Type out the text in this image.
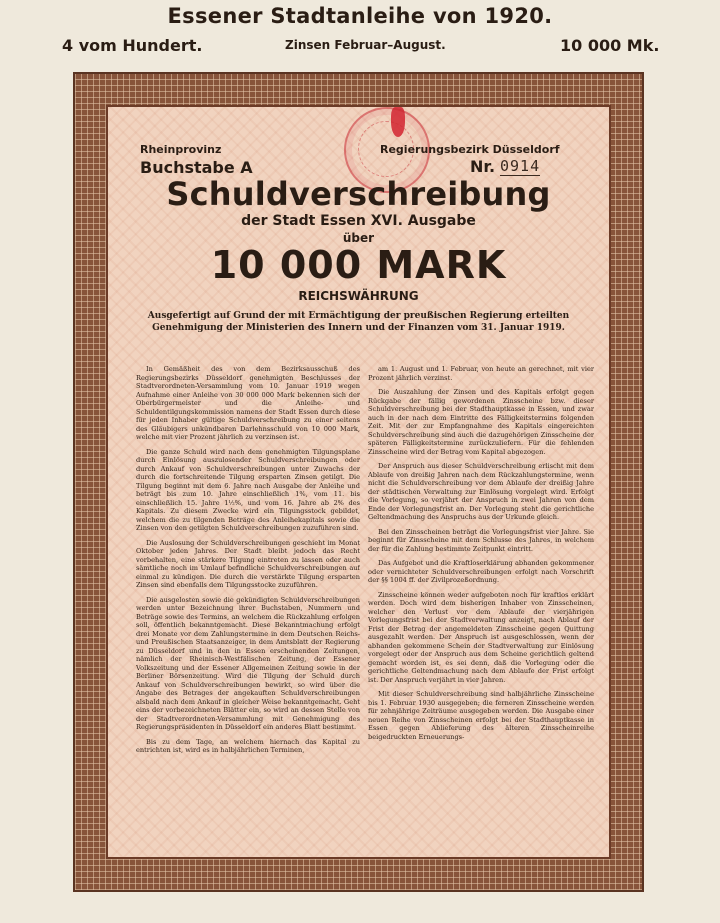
Essener Stadtanleihe von 1920.
4 vom Hundert.	Zinsen Februar–August.	10 000 Mk.
Rheinprovinz	Regierungsbezirk Düsseldorf
Buchstabe A	Nr. 0914
Schuldverschreibung
der Stadt Essen XVI. Ausgabe
über
10 000 MARK
REICHSWÄHRUNG
Ausgefertigt auf Grund der mit Ermächtigung der preußischen Regierung erteilten
Genehmigung der Ministerien des Innern und der Finanzen vom 31. Januar 1919.

In Gemäßheit des von dem Bezirksausschuß des Regierungsbezirks Düsseldorf genehmigten Beschlusses der Stadtverordneten-Versammlung vom 10. Januar 1919 wegen Aufnahme einer Anleihe von 30 000 000 Mark bekennen sich der Oberbürgermeister und die Anleihe- und Schuldentilgungskommission namens der Stadt Essen durch diese für jeden Inhaber gültige Schuldverschreibung zu einer seitens des Gläubigers unkündbaren Darlehnsschuld von 10 000 Mark, welche mit vier Prozent jährlich zu verzinsen ist.

Die ganze Schuld wird nach dem genehmigten Tilgungsplane durch Einlösung auszulosender Schuldverschreibungen oder durch Ankauf von Schuldverschreibungen unter Zuwachs der durch die fortschreitende Tilgung ersparten Zinsen getilgt. Die Tilgung beginnt mit dem 6. Jahre nach Ausgabe der Anleihe und beträgt bis zum 10. Jahre einschließlich 1%, vom 11. bis einschließlich 15. Jahre 1½%, und vom 16. Jahre ab 2% des Kapitals. Zu diesem Zwecke wird ein Tilgungsstock gebildet, welchem die zu tilgenden Beträge des Anleihekapitals sowie die Zinsen von den getilgten Schuldverschreibungen zuzuführen sind.

Die Auslosung der Schuldverschreibungen geschieht im Monat Oktober jeden Jahres. Der Stadt bleibt jedoch das Recht vorbehalten, eine stärkere Tilgung eintreten zu lassen oder auch sämtliche noch im Umlauf befindliche Schuldverschreibungen auf einmal zu kündigen. Die durch die verstärkte Tilgung ersparten Zinsen sind ebenfalls dem Tilgungsstocke zuzuführen.

Die ausgelosten sowie die gekündigten Schuldverschreibungen werden unter Bezeichnung ihrer Buchstaben, Nummern und Beträge sowie des Termins, an welchem die Rückzahlung erfolgen soll, öffentlich bekanntgemacht. Diese Bekanntmachung erfolgt drei Monate vor dem Zahlungstermine in dem Deutschen Reichs- und Preußischen Staatsanzeiger, in dem Amtsblatt der Regierung zu Düsseldorf und in den in Essen erscheinenden Zeitungen, nämlich der Rheinisch-Westfälischen Zeitung, der Essener Volkszeitung und der Essener Allgemeinen Zeitung sowie in der Berliner Börsenzeitung. Wird die Tilgung der Schuld durch Ankauf von Schuldverschreibungen bewirkt, so wird über die Angabe des Betrages der angekauften Schuldverschreibungen alsbald nach dem Ankauf in gleicher Weise bekanntgemacht. Geht eins der vorbezeichneten Blätter ein, so wird an dessen Stelle von der Stadtverordneten-Versammlung mit Genehmigung des Regierungspräsidenten in Düsseldorf ein anderes Blatt bestimmt.

Bis zu dem Tage, an welchem hiernach das Kapital zu entrichten ist, wird es in halbjährlichen Terminen,

am 1. August und 1. Februar, von heute an gerechnet, mit vier Prozent jährlich verzinst.

Die Auszahlung der Zinsen und des Kapitals erfolgt gegen Rückgabe der fällig gewordenen Zinsscheine bzw. dieser Schuldverschreibung bei der Stadthauptkasse in Essen, und zwar auch in der nach dem Eintritte des Fälligkeitstermins folgenden Zeit. Mit der zur Empfangnahme des Kapitals eingereichten Schuldverschreibung sind auch die dazugehörigen Zinsscheine der späteren Fälligkeitstermine zurückzuliefern. Für die fehlenden Zinsscheine wird der Betrag vom Kapital abgezogen.

Der Anspruch aus dieser Schuldverschreibung erlischt mit dem Ablaufe von dreißig Jahren nach dem Rückzahlungstermine, wenn nicht die Schuldverschreibung vor dem Ablaufe der dreißig Jahre der städtischen Verwaltung zur Einlösung vorgelegt wird. Erfolgt die Vorlegung, so verjährt der Anspruch in zwei Jahren von dem Ende der Vorlegungsfrist an. Der Vorlegung steht die gerichtliche Geltendmachung des Anspruchs aus der Urkunde gleich.

Bei den Zinsscheinen beträgt die Vorlegungsfrist vier Jahre. Sie beginnt für Zinsscheine mit dem Schlusse des Jahres, in welchem der für die Zahlung bestimmte Zeitpunkt eintritt.

Das Aufgebot und die Kraftloserklärung abhanden gekommener oder vernichteter Schuldverschreibungen erfolgt nach Vorschrift der §§ 1004 ff. der Zivilprozeßordnung.

Zinsscheine können weder aufgeboten noch für kraftlos erklärt werden. Doch wird dem bisherigen Inhaber von Zinsscheinen, welcher den Verlust vor dem Ablaufe der vierjährigen Vorlegungsfrist bei der Stadtverwaltung anzeigt, nach Ablauf der Frist der Betrag der angemeldeten Zinsscheine gegen Quittung ausgezahlt werden. Der Anspruch ist ausgeschlossen, wenn der abhanden gekommene Schein der Stadtverwaltung zur Einlösung vorgelegt oder der Anspruch aus dem Scheine gerichtlich geltend gemacht worden ist, es sei denn, daß die Vorlegung oder die gerichtliche Geltendmachung nach dem Ablaufe der Frist erfolgt ist. Der Anspruch verjährt in vier Jahren.

Mit dieser Schuldverschreibung sind halbjährliche Zinsscheine bis 1. Februar 1930 ausgegeben; die ferneren Zinsscheine werden für zehnjährige Zeiträume ausgegeben werden. Die Ausgabe einer neuen Reihe von Zinsscheinen erfolgt bei der Stadthauptkasse in Essen gegen Ablieferung des älteren Zinsscheinreihe beigedruckten Erneuerungs-
